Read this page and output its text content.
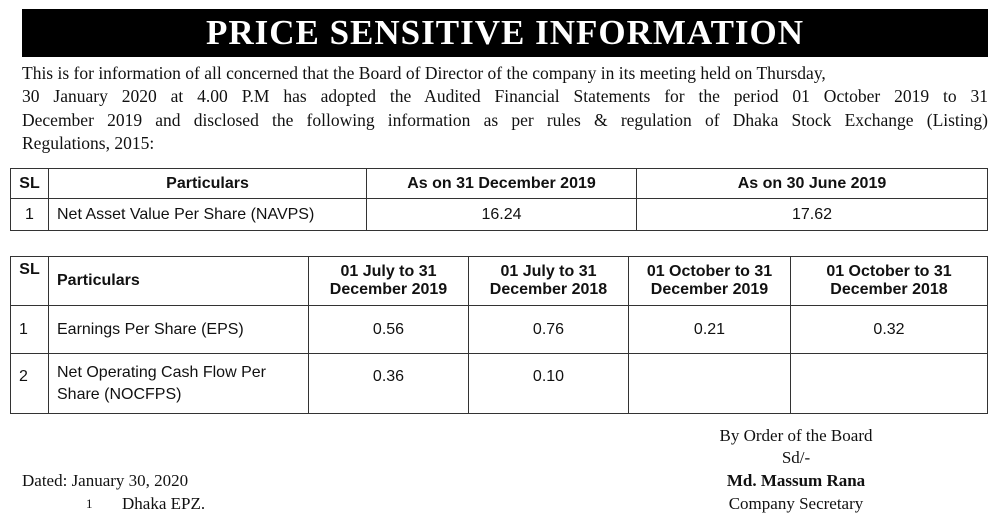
PRICE SENSITIVE INFORMATION
This is for information of all concerned that the Board of Director of the company in its meeting held on Thursday,
30 January 2020 at 4.00 P.M has adopted the Audited Financial Statements for the period 01 October 2019 to 31
December 2019 and disclosed the following information as per rules & regulation of Dhaka Stock Exchange (Listing)
Regulations, 2015:
SL	Particulars	As on 31 December 2019	As on 30 June 2019
1	Net Asset Value Per Share (NAVPS)	16.24	17.62
SL	Particulars	01 July to 31 December 2019	01 July to 31 December 2018	01 October to 31 December 2019	01 October to 31 December 2018
1	Earnings Per Share (EPS)	0.56	0.76	0.21	0.32
2	Net Operating Cash Flow Per Share (NOCFPS)	0.36	0.10		
Dated: January 30, 2020
1 Dhaka EPZ.
By Order of the Board
Sd/-
Md. Massum Rana
Company Secretary
